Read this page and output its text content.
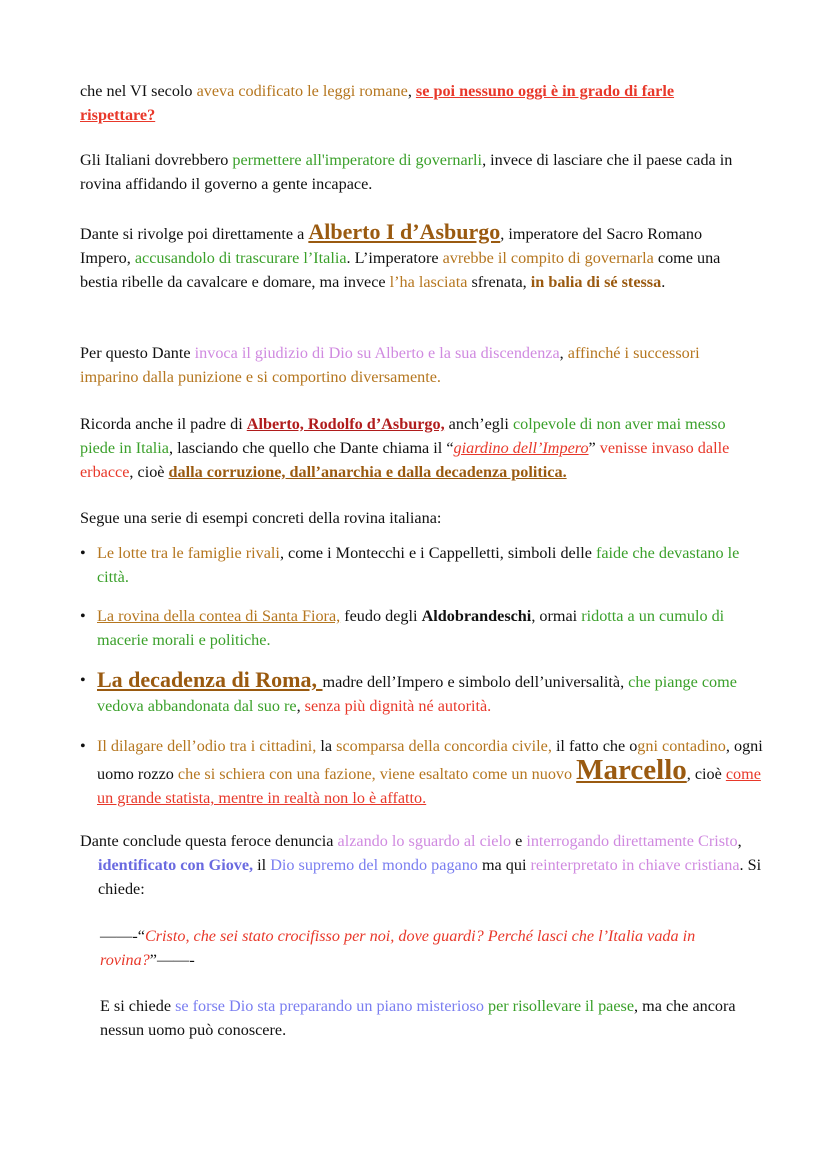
che nel VI secolo aveva codificato le leggi romane, se poi nessuno oggi è in grado di farle rispettare?
Gli Italiani dovrebbero permettere all'imperatore di governarli, invece di lasciare che il paese cada in rovina affidando il governo a gente incapace.
Dante si rivolge poi direttamente a Alberto I d’Asburgo, imperatore del Sacro Romano Impero, accusandolo di trascurare l’Italia. L’imperatore avrebbe il compito di governarla come una bestia ribelle da cavalcare e domare, ma invece l’ha lasciata sfrenata, in balia di sé stessa.
Per questo Dante invoca il giudizio di Dio su Alberto e la sua discendenza, affinché i successori imparino dalla punizione e si comportino diversamente.
Ricorda anche il padre di Alberto, Rodolfo d’Asburgo, anch’egli colpevole di non aver mai messo piede in Italia, lasciando che quello che Dante chiama il “giardino dell’Impero” venisse invaso dalle erbacce, cioè dalla corruzione, dall’anarchia e dalla decadenza politica.
Segue una serie di esempi concreti della rovina italiana:
• Le lotte tra le famiglie rivali, come i Montecchi e i Cappelletti, simboli delle faide che devastano le città.
• La rovina della contea di Santa Fiora, feudo degli Aldobrandeschi, ormai ridotta a un cumulo di macerie morali e politiche.
• La decadenza di Roma, madre dell’Impero e simbolo dell’universalità, che piange come vedova abbandonata dal suo re, senza più dignità né autorità.
• Il dilagare dell’odio tra i cittadini, la scomparsa della concordia civile, il fatto che ogni contadino, ogni uomo rozzo che si schiera con una fazione, viene esaltato come un nuovo Marcello, cioè come un grande statista, mentre in realtà non lo è affatto.
Dante conclude questa feroce denuncia alzando lo sguardo al cielo e interrogando direttamente Cristo, identificato con Giove, il Dio supremo del mondo pagano ma qui reinterpretato in chiave cristiana. Si chiede:
——-“Cristo, che sei stato crocifisso per noi, dove guardi? Perché lasci che l’Italia vada in rovina?”——-
E si chiede se forse Dio sta preparando un piano misterioso per risollevare il paese, ma che ancora nessun uomo può conoscere.
